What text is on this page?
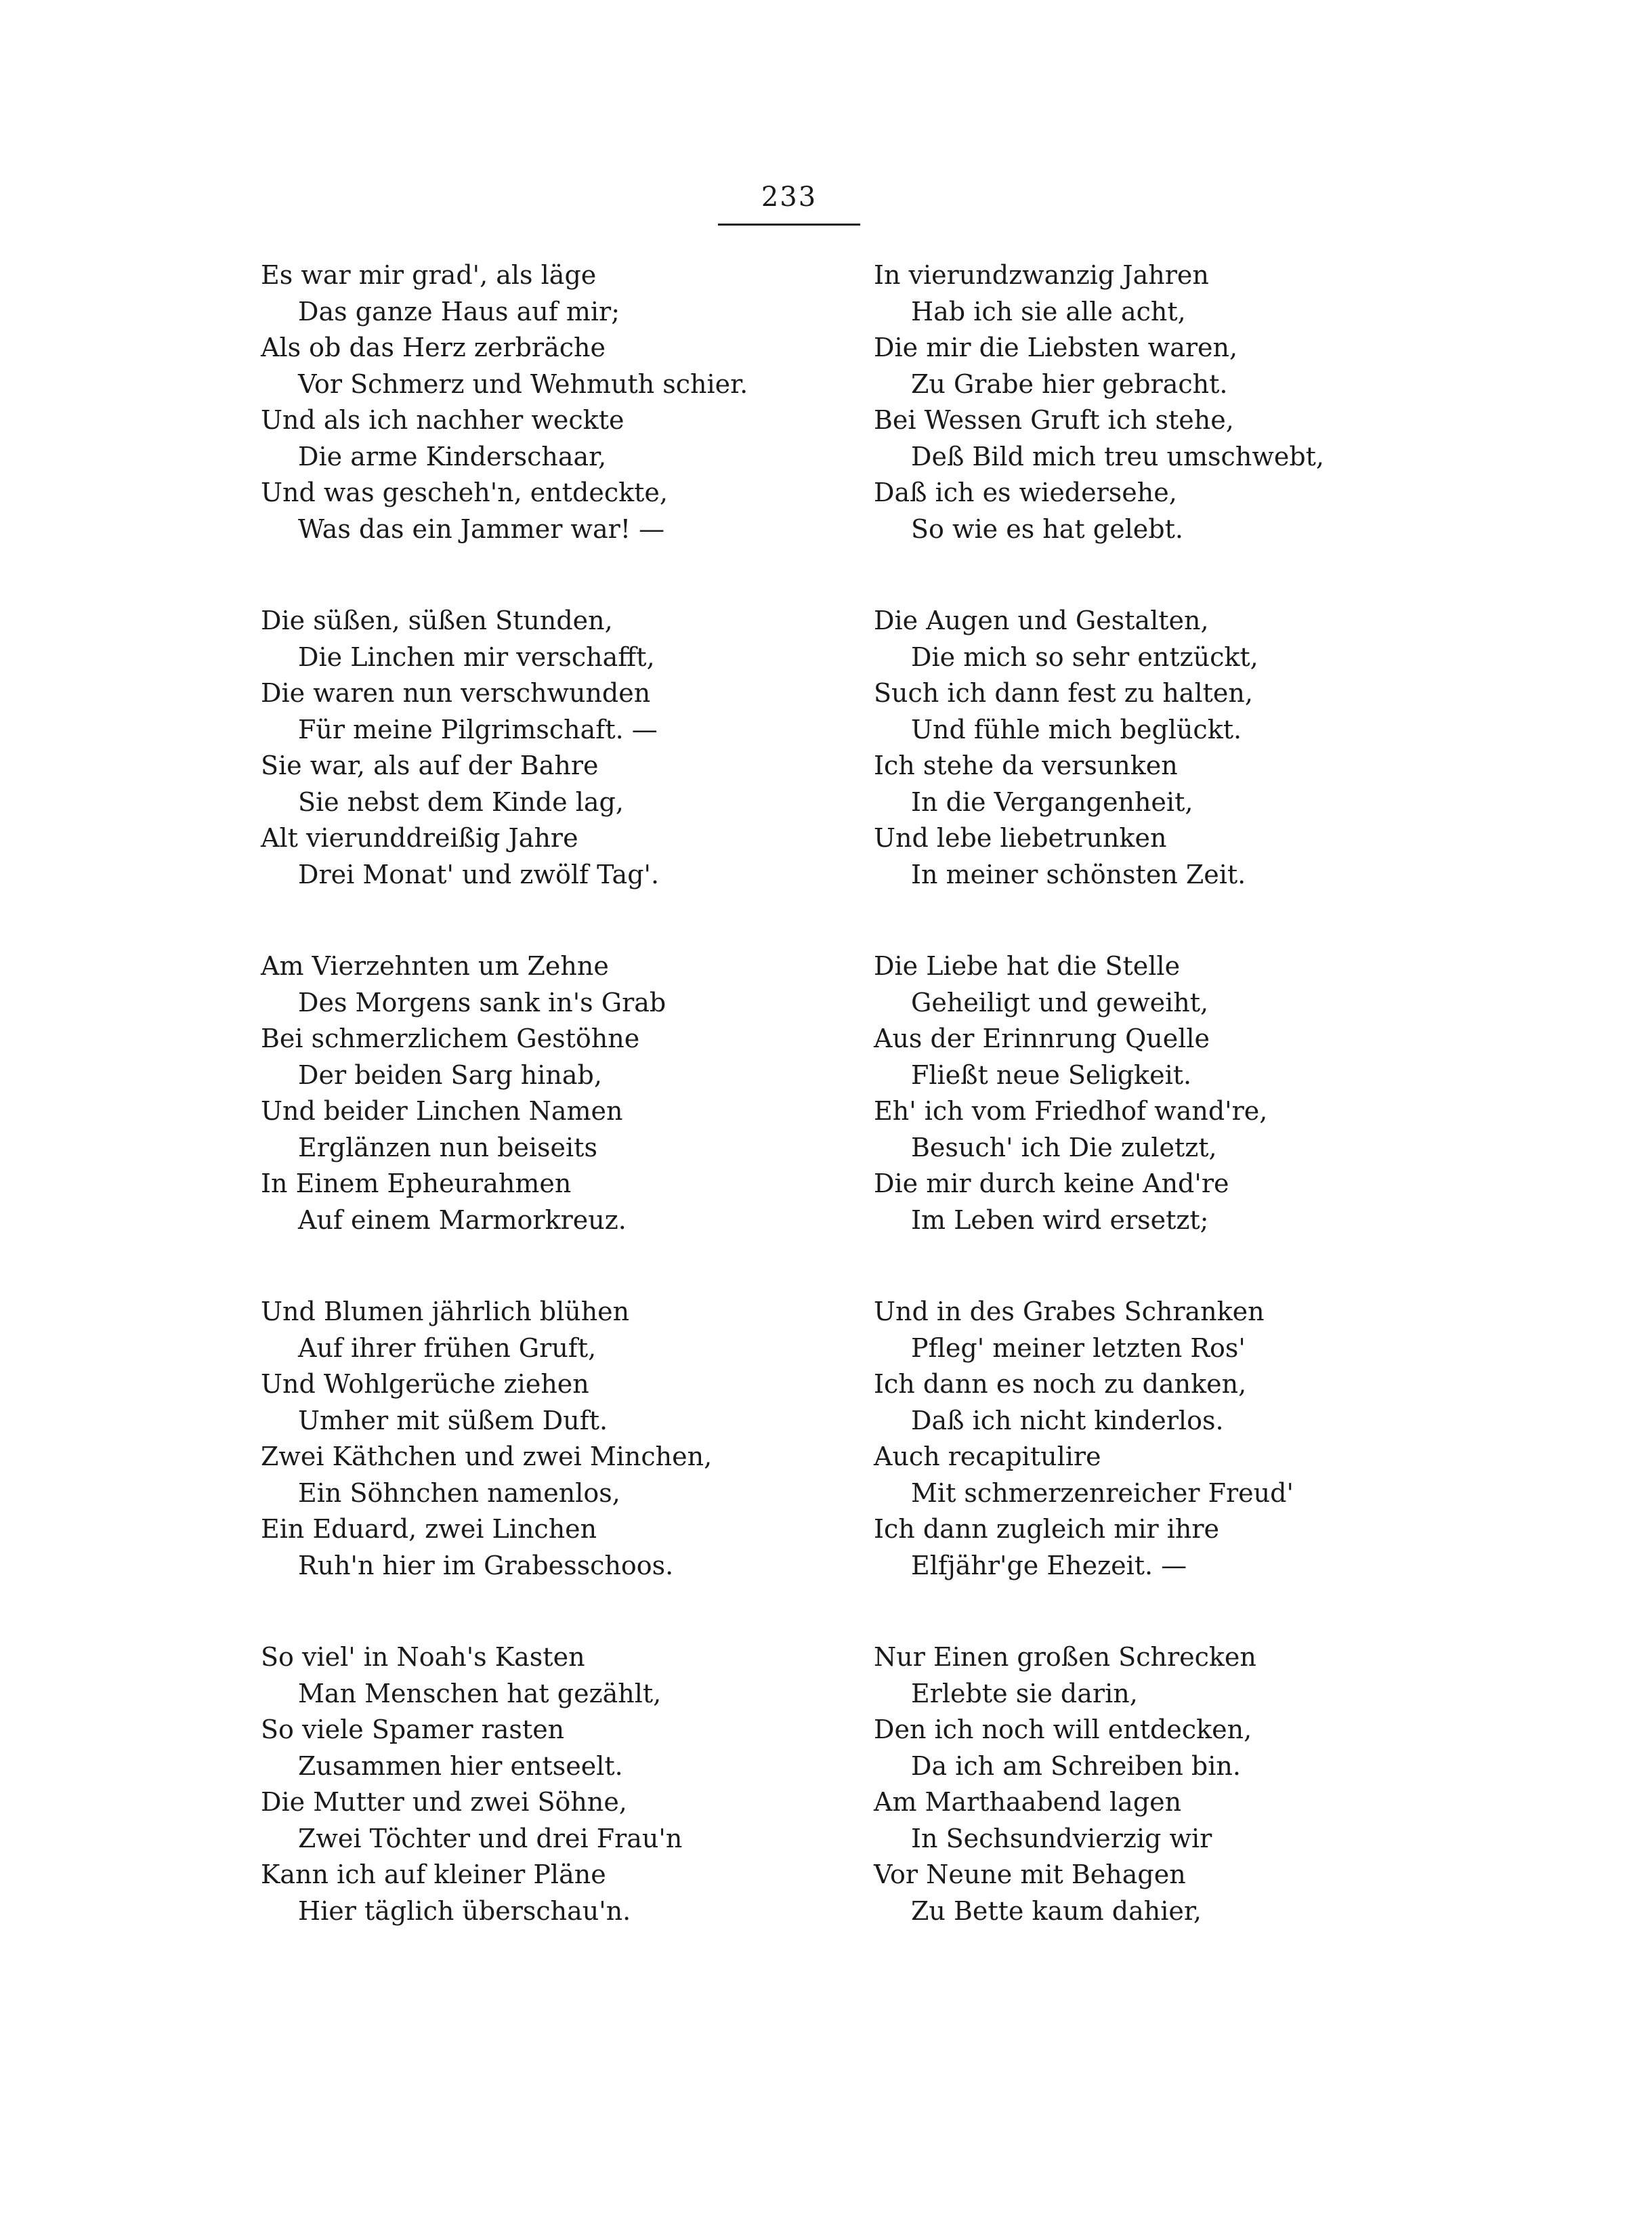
233
Es war mir grad', als läge
Das ganze Haus auf mir;
Als ob das Herz zerbräche
Vor Schmerz und Wehmuth schier.
Und als ich nachher weckte
Die arme Kinderschaar,
Und was gescheh'n, entdeckte,
Was das ein Jammer war! —
Die süßen, süßen Stunden,
Die Linchen mir verschafft,
Die waren nun verschwunden
Für meine Pilgrimschaft. —
Sie war, als auf der Bahre
Sie nebst dem Kinde lag,
Alt vierunddreißig Jahre
Drei Monat' und zwölf Tag'.
Am Vierzehnten um Zehne
Des Morgens sank in's Grab
Bei schmerzlichem Gestöhne
Der beiden Sarg hinab,
Und beider Linchen Namen
Erglänzen nun beiseits
In Einem Epheurahmen
Auf einem Marmorkreuz.
Und Blumen jährlich blühen
Auf ihrer frühen Gruft,
Und Wohlgerüche ziehen
Umher mit süßem Duft.
Zwei Käthchen und zwei Minchen,
Ein Söhnchen namenlos,
Ein Eduard, zwei Linchen
Ruh'n hier im Grabesschoos.
So viel' in Noah's Kasten
Man Menschen hat gezählt,
So viele Spamer rasten
Zusammen hier entseelt.
Die Mutter und zwei Söhne,
Zwei Töchter und drei Frau'n
Kann ich auf kleiner Pläne
Hier täglich überschau'n.
In vierundzwanzig Jahren
Hab ich sie alle acht,
Die mir die Liebsten waren,
Zu Grabe hier gebracht.
Bei Wessen Gruft ich stehe,
Deß Bild mich treu umschwebt,
Daß ich es wiedersehe,
So wie es hat gelebt.
Die Augen und Gestalten,
Die mich so sehr entzückt,
Such ich dann fest zu halten,
Und fühle mich beglückt.
Ich stehe da versunken
In die Vergangenheit,
Und lebe liebetrunken
In meiner schönsten Zeit.
Die Liebe hat die Stelle
Geheiligt und geweiht,
Aus der Erinnrung Quelle
Fließt neue Seligkeit.
Eh' ich vom Friedhof wand're,
Besuch' ich Die zuletzt,
Die mir durch keine And're
Im Leben wird ersetzt;
Und in des Grabes Schranken
Pfleg' meiner letzten Ros'
Ich dann es noch zu danken,
Daß ich nicht kinderlos.
Auch recapitulire
Mit schmerzenreicher Freud'
Ich dann zugleich mir ihre
Elfjähr'ge Ehezeit. —
Nur Einen großen Schrecken
Erlebte sie darin,
Den ich noch will entdecken,
Da ich am Schreiben bin.
Am Marthaabend lagen
In Sechsundvierzig wir
Vor Neune mit Behagen
Zu Bette kaum dahier,
